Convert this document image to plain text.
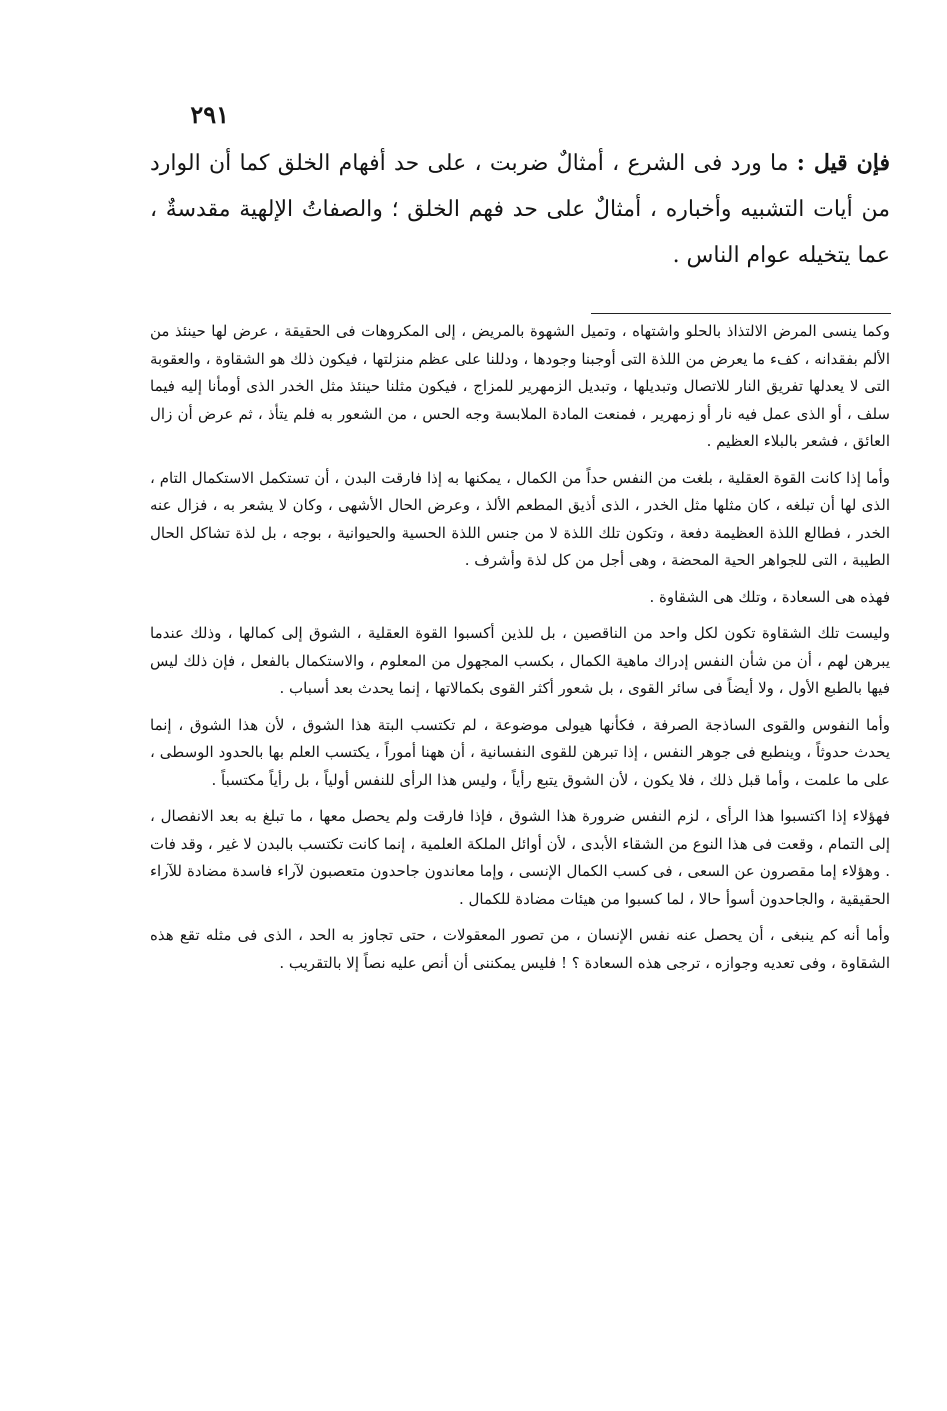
٢٩١

فإن قيل : ما ورد فى الشرع ، أمثالٌ ضربت ، على حد أفهام الخلق كما أن الوارد من أيات التشبيه وأخباره ، أمثالٌ على حد فهم الخلق ؛ والصفاتُ الإلهية مقدسةٌ ، عما يتخيله عوام الناس .

وكما ينسى المرض الالتذاذ بالحلو واشتهاه ، وتميل الشهوة بالمريض ، إلى المكروهات فى الحقيقة ، عرض لها حينئذ من الألم بفقدانه ، كفء ما يعرض من اللذة التى أوجبنا وجودها ، ودللنا على عظم منزلتها ، فيكون ذلك هو الشقاوة ، والعقوبة التى لا يعدلها تفريق النار للاتصال وتبديلها ، وتبديل الزمهرير للمزاج ، فيكون مثلنا حينئذ مثل الخدر الذى أومأنا إليه فيما سلف ، أو الذى عمل فيه نار أو زمهرير ، فمنعت المادة الملابسة وجه الحس ، من الشعور به فلم يتأذ ، ثم عرض أن زال العائق ، فشعر بالبلاء العظيم .

وأما إذا كانت القوة العقلية ، بلغت من النفس حداً من الكمال ، يمكنها به إذا فارقت البدن ، أن تستكمل الاستكمال التام ، الذى لها أن تبلغه ، كان مثلها مثل الخدر ، الذى أذيق المطعم الألذ ، وعرض الحال الأشهى ، وكان لا يشعر به ، فزال عنه الخدر ، فطالع اللذة العظيمة دفعة ، وتكون تلك اللذة لا من جنس اللذة الحسية والحيوانية ، بوجه ، بل لذة تشاكل الحال الطيبة ، التى للجواهر الحية المحضة ، وهى أجل من كل لذة وأشرف .

فهذه هى السعادة ، وتلك هى الشقاوة .

وليست تلك الشقاوة تكون لكل واحد من الناقصين ، بل للذين أكسبوا القوة العقلية ، الشوق إلى كمالها ، وذلك عندما يبرهن لهم ، أن من شأن النفس إدراك ماهية الكمال ، بكسب المجهول من المعلوم ، والاستكمال بالفعل ، فإن ذلك ليس فيها بالطبع الأول ، ولا أيضاً فى سائر القوى ، بل شعور أكثر القوى بكمالاتها ، إنما يحدث بعد أسباب .

وأما النفوس والقوى الساذجة الصرفة ، فكأنها هيولى موضوعة ، لم تكتسب البتة هذا الشوق ، لأن هذا الشوق ، إنما يحدث حدوثاً ، وينطبع فى جوهر النفس ، إذا تبرهن للقوى النفسانية ، أن ههنا أموراً ، يكتسب العلم بها بالحدود الوسطى ، على ما علمت ، وأما قبل ذلك ، فلا يكون ، لأن الشوق يتبع رأياً ، وليس هذا الرأى للنفس أولياً ، بل رأياً مكتسباً .

فهؤلاء إذا اكتسبوا هذا الرأى ، لزم النفس ضرورة هذا الشوق ، فإذا فارقت ولم يحصل معها ، ما تبلغ به بعد الانفصال ، إلى التمام ، وقعت فى هذا النوع من الشقاء الأبدى ، لأن أوائل الملكة العلمية ، إنما كانت تكتسب بالبدن لا غير ، وقد فات . وهؤلاء إما مقصرون عن السعى ، فى كسب الكمال الإنسى ، وإما معاندون جاحدون متعصبون لآراء فاسدة مضادة للآراء الحقيقية ، والجاحدون أسوأ حالا ، لما كسبوا من هيئات مضادة للكمال .

وأما أنه كم ينبغى ، أن يحصل عنه نفس الإنسان ، من تصور المعقولات ، حتى تجاوز به الحد ، الذى فى مثله تقع هذه الشقاوة ، وفى تعديه وجوازه ، ترجى هذه السعادة ؟ ! فليس يمكننى أن أنص عليه نصاً إلا بالتقريب .
